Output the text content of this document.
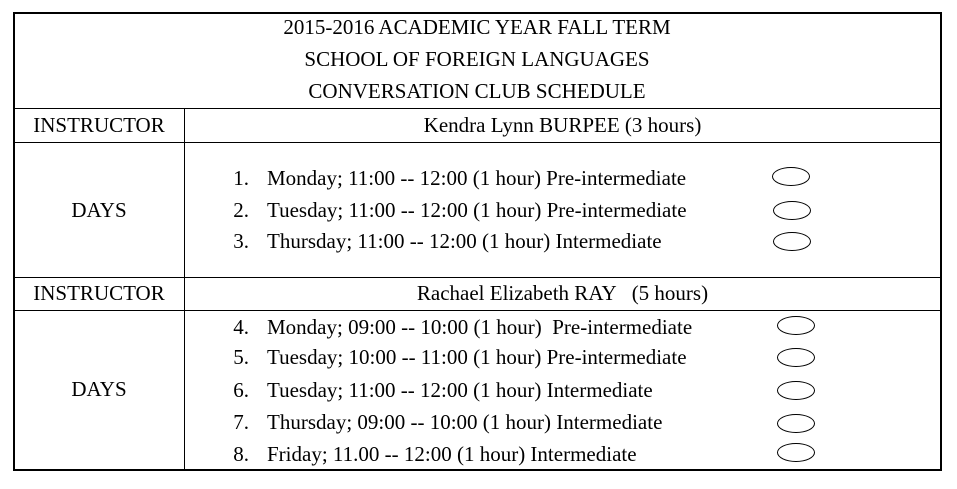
2015-2016 ACADEMIC YEAR FALL TERM
SCHOOL OF FOREIGN LANGUAGES
CONVERSATION CLUB SCHEDULE
INSTRUCTOR	Kendra Lynn BURPEE (3 hours)
DAYS
1. Monday; 11:00 -- 12:00 (1 hour) Pre-intermediate
2. Tuesday; 11:00 -- 12:00 (1 hour) Pre-intermediate
3. Thursday; 11:00 -- 12:00 (1 hour) Intermediate
INSTRUCTOR	Rachael Elizabeth RAY   (5 hours)
DAYS
4. Monday; 09:00 -- 10:00 (1 hour)  Pre-intermediate
5. Tuesday; 10:00 -- 11:00 (1 hour) Pre-intermediate
6. Tuesday; 11:00 -- 12:00 (1 hour) Intermediate
7. Thursday; 09:00 -- 10:00 (1 hour) Intermediate
8. Friday; 11.00 -- 12:00 (1 hour) Intermediate
